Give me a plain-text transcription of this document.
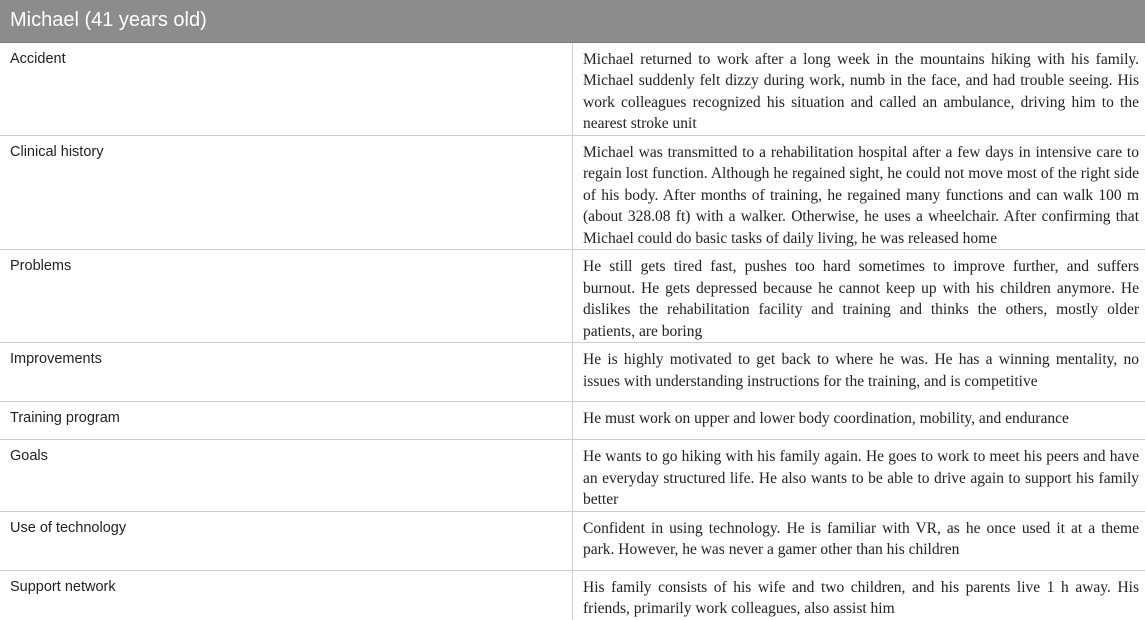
Michael (41 years old)	
Accident	Michael returned to work after a long week in the mountains hiking with his family. Michael suddenly felt dizzy during work, numb in the face, and had trouble seeing. His work colleagues recognized his situation and called an ambulance, driving him to the nearest stroke unit
Clinical history	Michael was transmitted to a rehabilitation hospital after a few days in intensive care to regain lost function. Although he regained sight, he could not move most of the right side of his body. After months of training, he regained many functions and can walk 100 m (about 328.08 ft) with a walker. Otherwise, he uses a wheelchair. After confirming that Michael could do basic tasks of daily living, he was released home
Problems	He still gets tired fast, pushes too hard sometimes to improve further, and suffers burnout. He gets depressed because he cannot keep up with his children anymore. He dislikes the rehabilitation facility and training and thinks the others, mostly older patients, are boring
Improvements	He is highly motivated to get back to where he was. He has a winning mentality, no issues with understanding instructions for the training, and is competitive
Training program	He must work on upper and lower body coordination, mobility, and endurance
Goals	He wants to go hiking with his family again. He goes to work to meet his peers and have an everyday structured life. He also wants to be able to drive again to support his family better
Use of technology	Confident in using technology. He is familiar with VR, as he once used it at a theme park. However, he was never a gamer other than his children
Support network	His family consists of his wife and two children, and his parents live 1 h away. His friends, primarily work colleagues, also assist him
